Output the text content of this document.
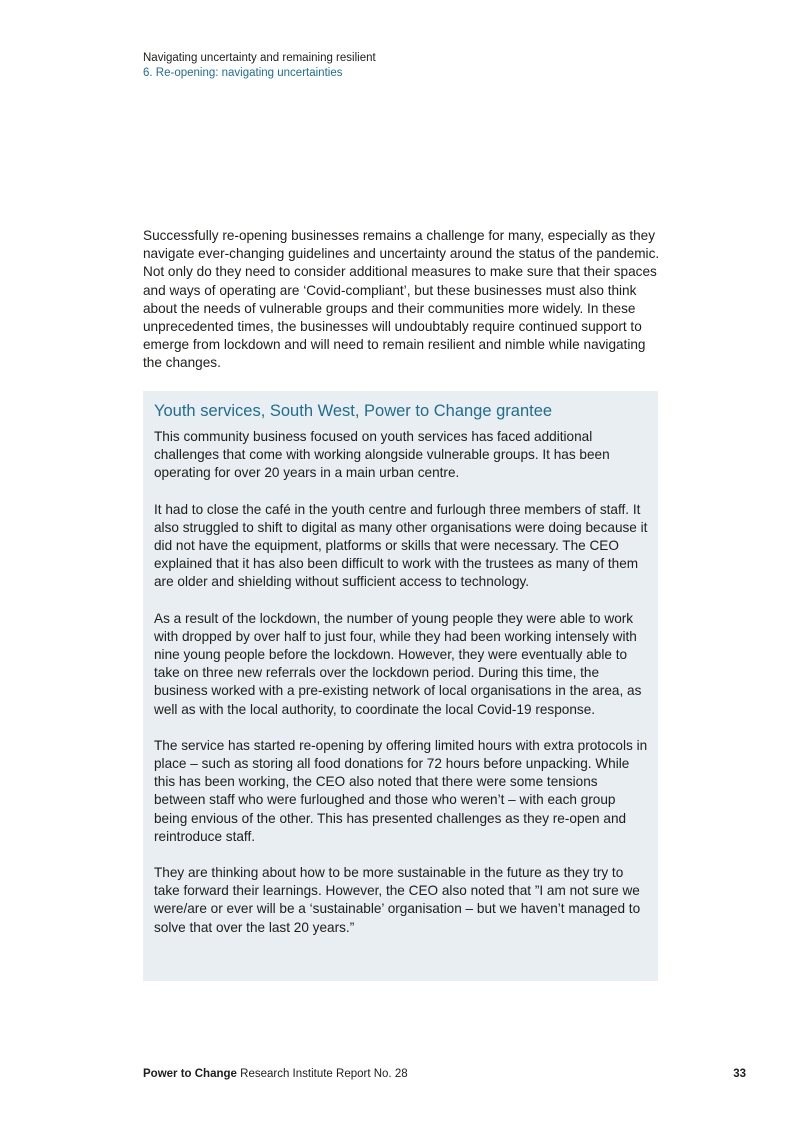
Navigating uncertainty and remaining resilient
6. Re-opening: navigating uncertainties

Successfully re-opening businesses remains a challenge for many, especially as they navigate ever-changing guidelines and uncertainty around the status of the pandemic. Not only do they need to consider additional measures to make sure that their spaces and ways of operating are ‘Covid-compliant’, but these businesses must also think about the needs of vulnerable groups and their communities more widely. In these unprecedented times, the businesses will undoubtably require continued support to emerge from lockdown and will need to remain resilient and nimble while navigating the changes.

Youth services, South West, Power to Change grantee

This community business focused on youth services has faced additional challenges that come with working alongside vulnerable groups. It has been operating for over 20 years in a main urban centre.

It had to close the café in the youth centre and furlough three members of staff. It also struggled to shift to digital as many other organisations were doing because it did not have the equipment, platforms or skills that were necessary. The CEO explained that it has also been difficult to work with the trustees as many of them are older and shielding without sufficient access to technology.

As a result of the lockdown, the number of young people they were able to work with dropped by over half to just four, while they had been working intensely with nine young people before the lockdown. However, they were eventually able to take on three new referrals over the lockdown period. During this time, the business worked with a pre-existing network of local organisations in the area, as well as with the local authority, to coordinate the local Covid-19 response.

The service has started re-opening by offering limited hours with extra protocols in place – such as storing all food donations for 72 hours before unpacking. While this has been working, the CEO also noted that there were some tensions between staff who were furloughed and those who weren’t – with each group being envious of the other. This has presented challenges as they re-open and reintroduce staff.

They are thinking about how to be more sustainable in the future as they try to take forward their learnings. However, the CEO also noted that ”I am not sure we were/are or ever will be a ‘sustainable’ organisation – but we haven’t managed to solve that over the last 20 years.”

Power to Change Research Institute Report No. 28	33
